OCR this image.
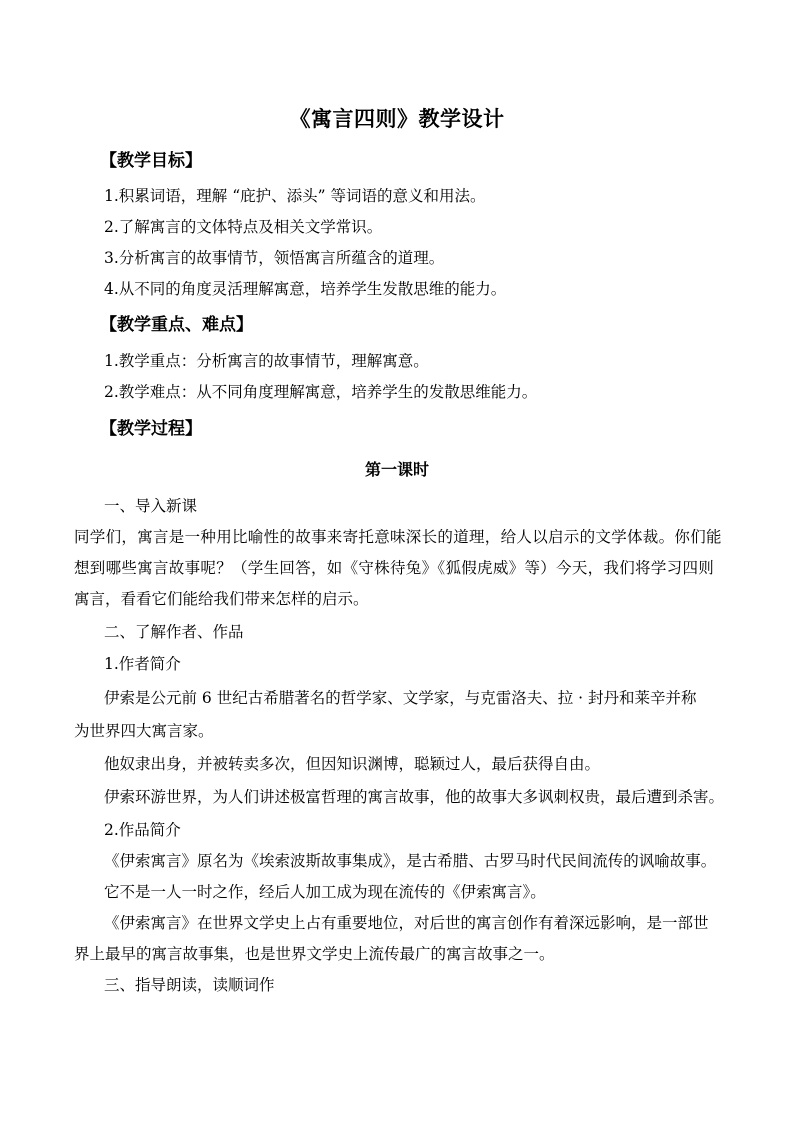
《寓言四则》教学设计
【教学目标】
1.积累词语，理解 “庇护、添头” 等词语的意义和用法。
2.了解寓言的文体特点及相关文学常识。
3.分析寓言的故事情节，领悟寓言所蕴含的道理。
4.从不同的角度灵活理解寓意，培养学生发散思维的能力。
【教学重点、难点】
1.教学重点：分析寓言的故事情节，理解寓意。
2.教学难点：从不同角度理解寓意，培养学生的发散思维能力。
【教学过程】
第一课时
一、导入新课
同学们，寓言是一种用比喻性的故事来寄托意味深长的道理，给人以启示的文学体裁。你们能
想到哪些寓言故事呢？（学生回答，如《守株待兔》《狐假虎威》等）今天，我们将学习四则
寓言，看看它们能给我们带来怎样的启示。
二、了解作者、作品
1.作者简介
伊索是公元前 6 世纪古希腊著名的哲学家、文学家，与克雷洛夫、拉 · 封丹和莱辛并称
为世界四大寓言家。
他奴隶出身，并被转卖多次，但因知识渊博，聪颖过人，最后获得自由。
伊索环游世界，为人们讲述极富哲理的寓言故事，他的故事大多讽刺权贵，最后遭到杀害。
2.作品简介
《伊索寓言》原名为《埃索波斯故事集成》，是古希腊、古罗马时代民间流传的讽喻故事。
它不是一人一时之作，经后人加工成为现在流传的《伊索寓言》。
《伊索寓言》在世界文学史上占有重要地位，对后世的寓言创作有着深远影响，是一部世
界上最早的寓言故事集，也是世界文学史上流传最广的寓言故事之一。
三、指导朗读，读顺词作
